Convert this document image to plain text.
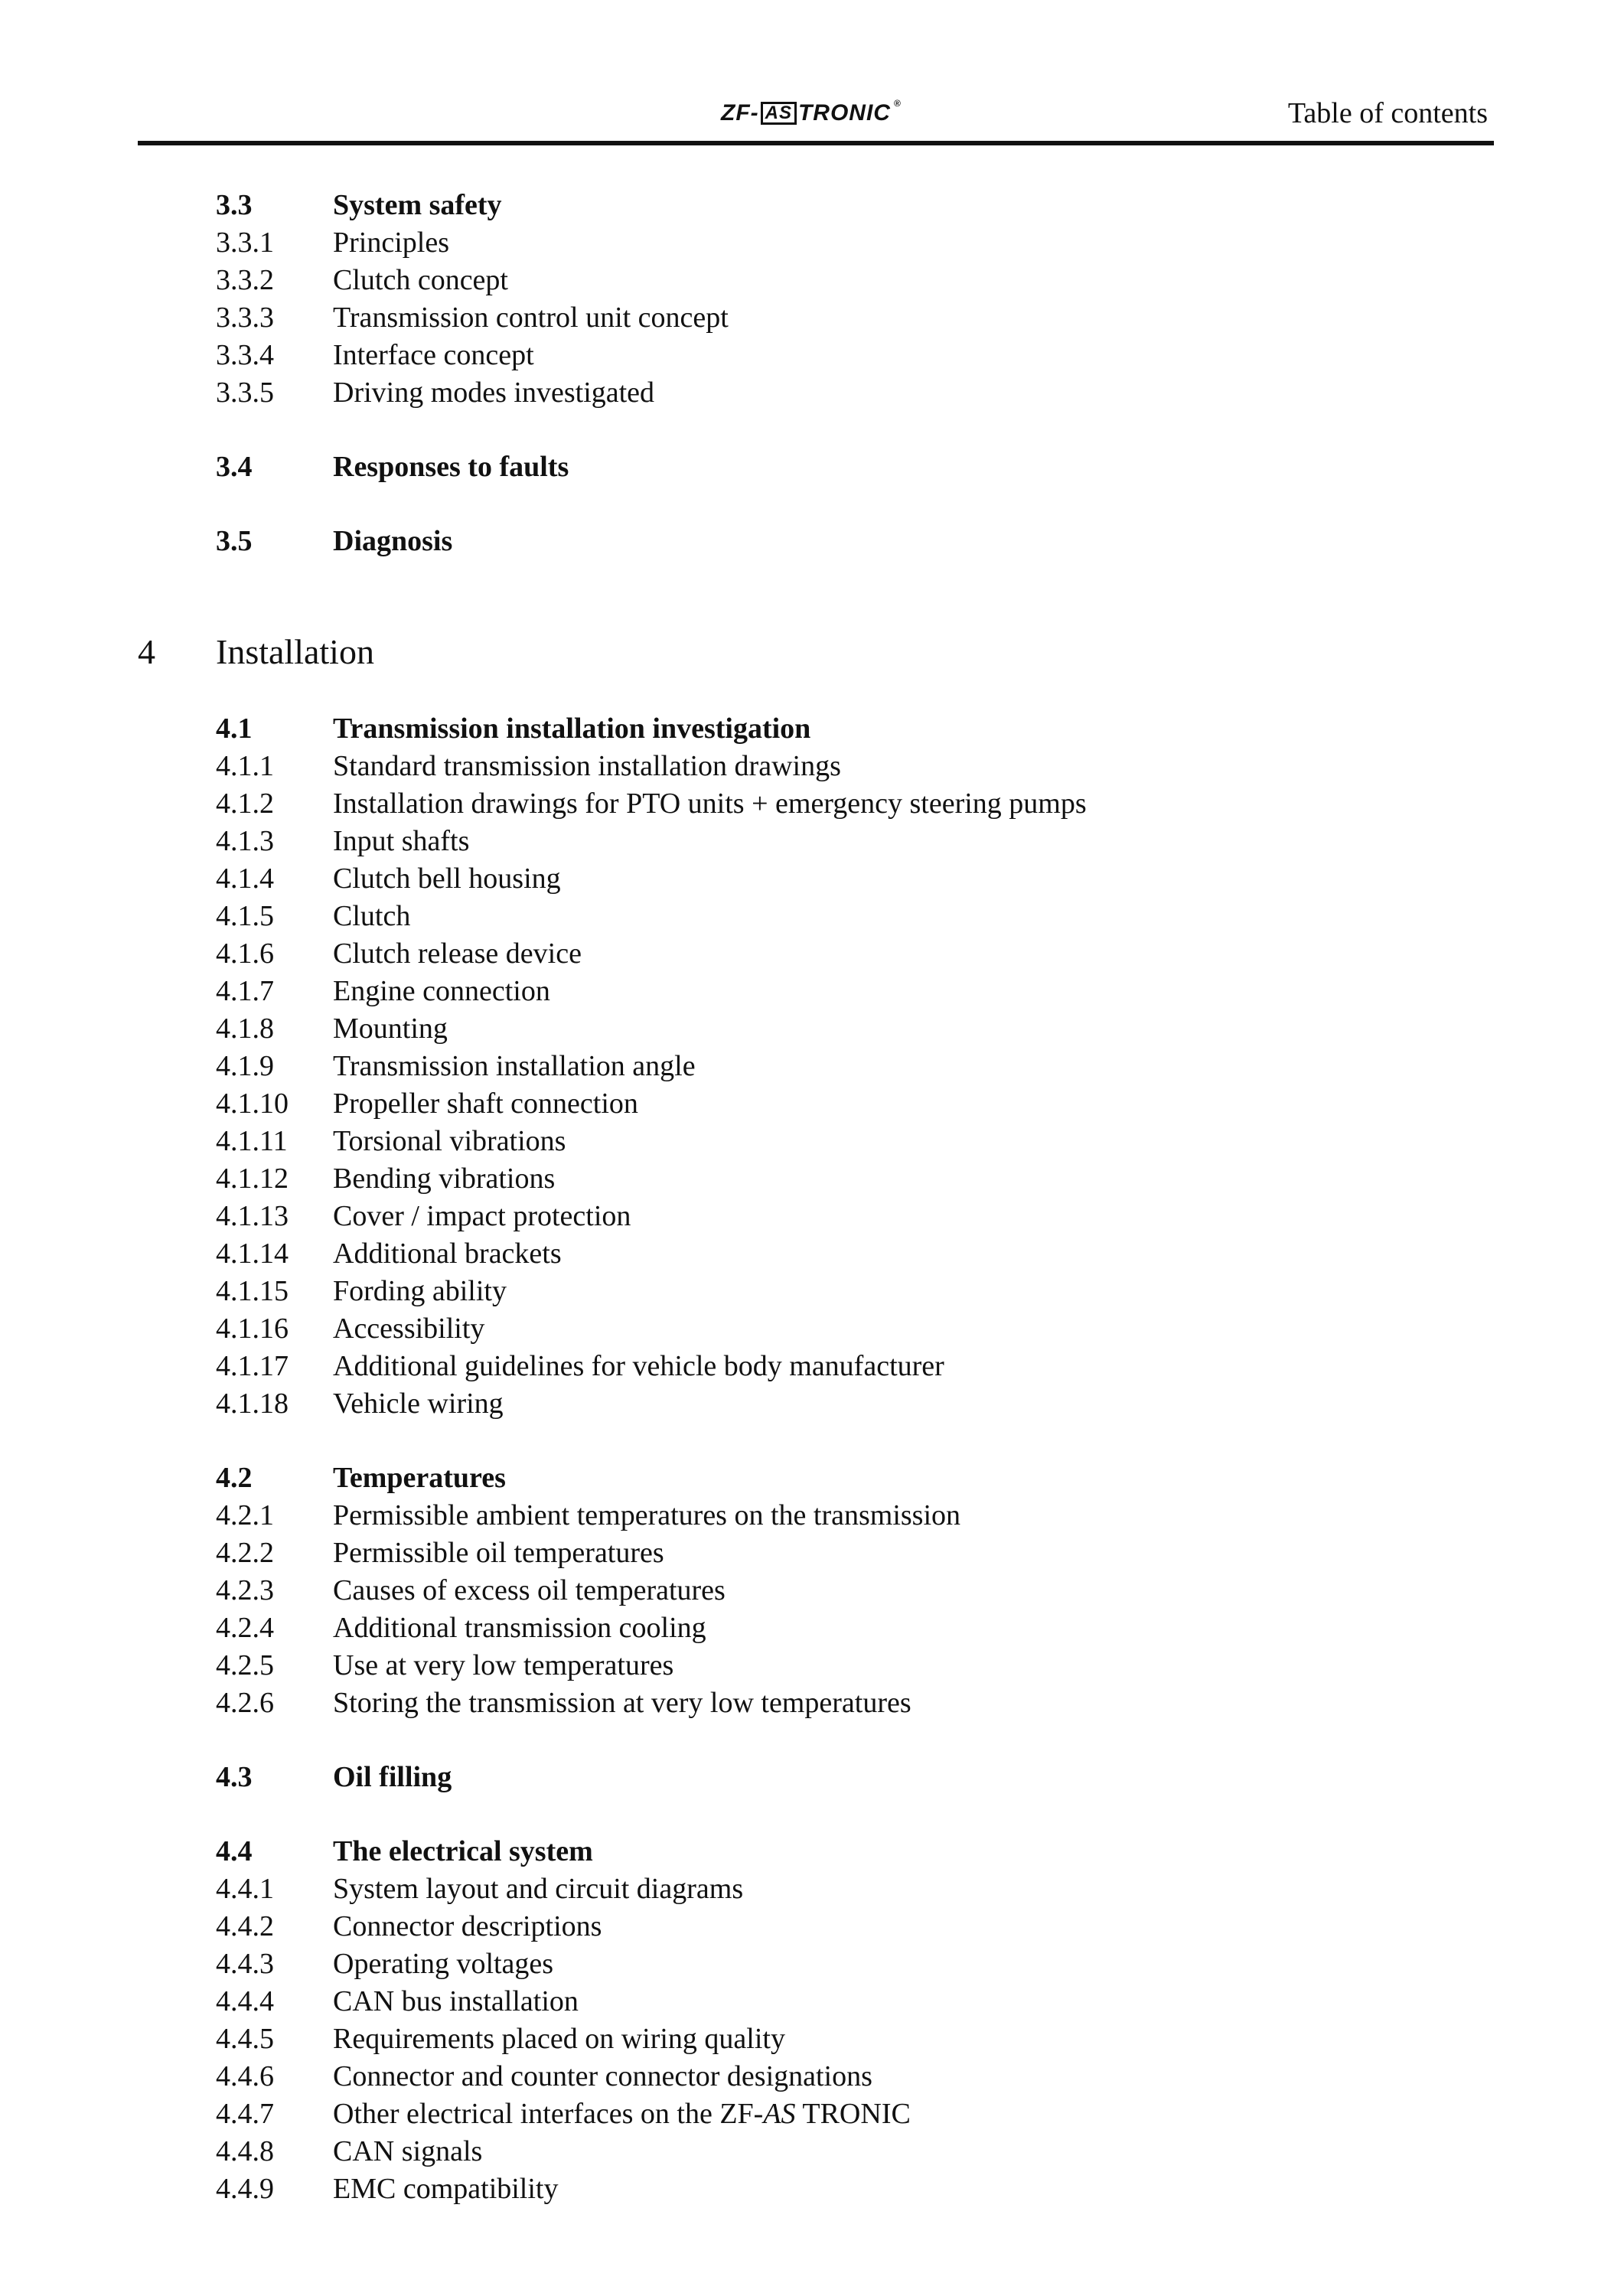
ZF- AS TRONIC ®	Table of contents
3.3	System safety
3.3.1 Principles
3.3.2 Clutch concept
3.3.3 Transmission control unit concept
3.3.4 Interface concept
3.3.5 Driving modes investigated
3.4	Responses to faults
3.5	Diagnosis
4 Installation
4.1	Transmission installation investigation
4.1.1 Standard transmission installation drawings
4.1.2 Installation drawings for PTO units + emergency steering pumps
4.1.3 Input shafts
4.1.4 Clutch bell housing
4.1.5 Clutch
4.1.6 Clutch release device
4.1.7 Engine connection
4.1.8 Mounting
4.1.9 Transmission installation angle
4.1.10 Propeller shaft connection
4.1.11 Torsional vibrations
4.1.12 Bending vibrations
4.1.13 Cover / impact protection
4.1.14 Additional brackets
4.1.15 Fording ability
4.1.16 Accessibility
4.1.17 Additional guidelines for vehicle body manufacturer
4.1.18 Vehicle wiring
4.2	Temperatures
4.2.1 Permissible ambient temperatures on the transmission
4.2.2 Permissible oil temperatures
4.2.3 Causes of excess oil temperatures
4.2.4 Additional transmission cooling
4.2.5 Use at very low temperatures
4.2.6 Storing the transmission at very low temperatures
4.3	Oil filling
4.4	The electrical system
4.4.1 System layout and circuit diagrams
4.4.2 Connector descriptions
4.4.3 Operating voltages
4.4.4 CAN bus installation
4.4.5 Requirements placed on wiring quality
4.4.6 Connector and counter connector designations
4.4.7 Other electrical interfaces on the ZF-AS TRONIC
4.4.8 CAN signals
4.4.9 EMC compatibility
